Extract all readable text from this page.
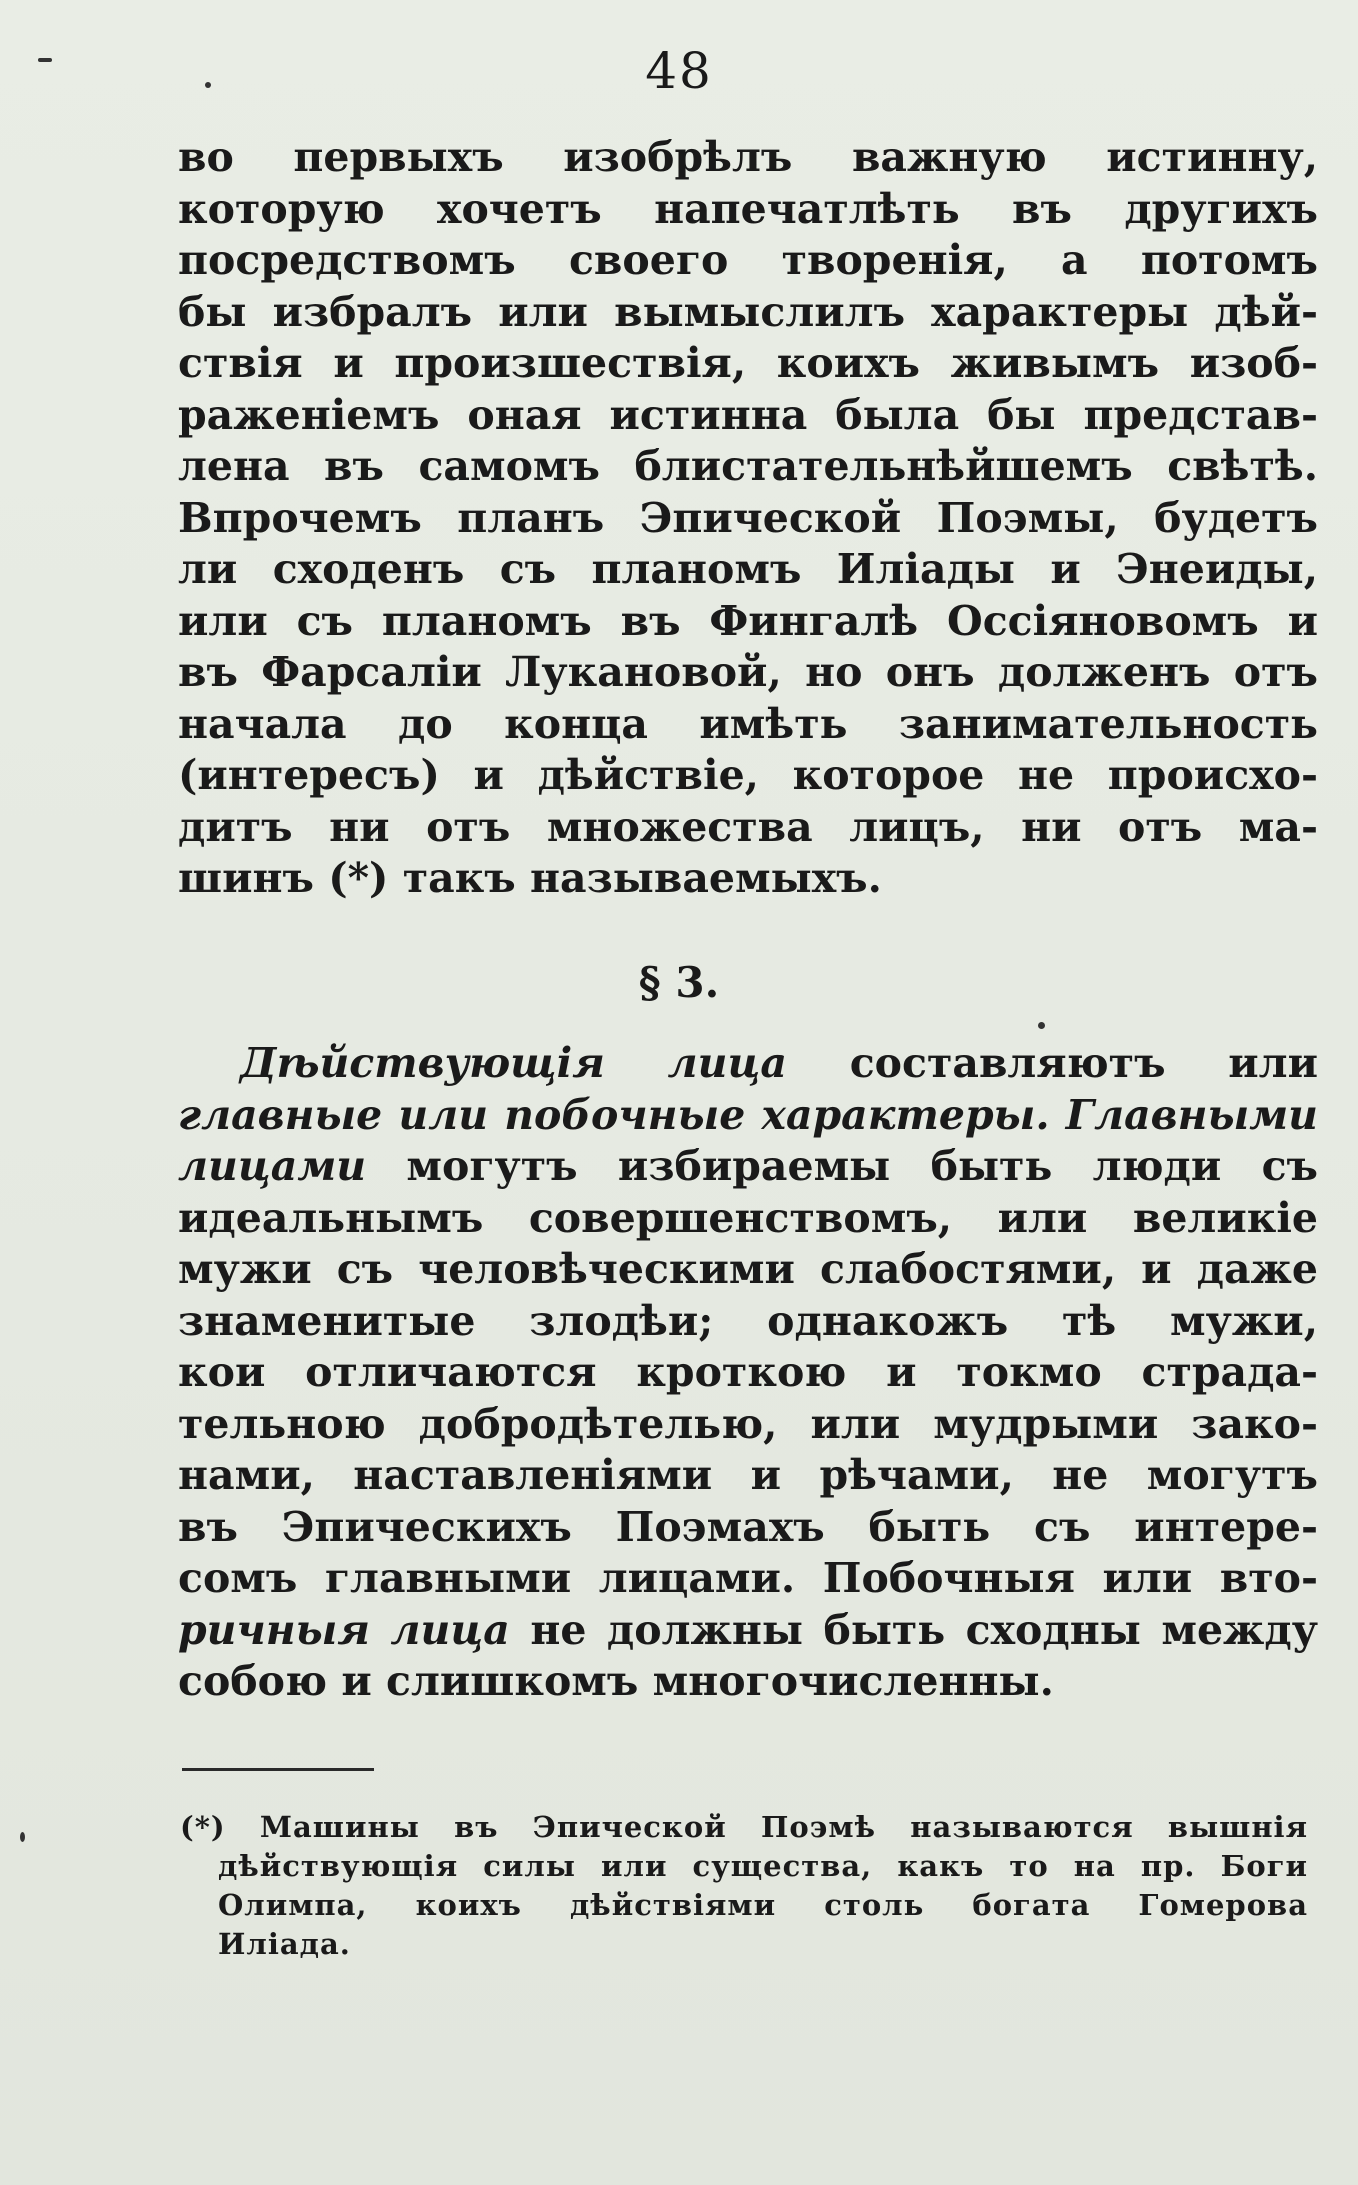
48
во первыхъ изобрѣлъ важную истинну,
которую хочетъ напечатлѣть въ другихъ
посредствомъ своего творенія, а потомъ
бы избралъ или вымыслилъ характеры дѣй-
ствія и произшествія, коихъ живымъ изоб-
раженіемъ оная истинна была бы представ-
лена въ самомъ блистательнѣйшемъ свѣтѣ.
Впрочемъ планъ Эпической Поэмы, будетъ
ли сходенъ съ планомъ Иліады и Энеиды,
или съ планомъ въ Фингалѣ Оссіяновомъ и
въ Фарсаліи Лукановой, но онъ долженъ отъ
начала до конца имѣть занимательность
(интересъ) и дѣйствіе, которое не происхо-
дитъ ни отъ множества лицъ, ни отъ ма-
шинъ (*) такъ называемыхъ.
§ 3.
Дѣйствующія лица составляютъ или
главные или побочные характеры. Главными
лицами могутъ избираемы быть люди съ
идеальнымъ совершенствомъ, или великіе
мужи съ человѣческими слабостями, и даже
знаменитые злодѣи; однакожъ тѣ мужи,
кои отличаются кроткою и токмо страда-
тельною добродѣтелью, или мудрыми зако-
нами, наставленіями и рѣчами, не могутъ
въ Эпическихъ Поэмахъ быть съ интере-
сомъ главными лицами. Побочныя или вто-
ричныя лица не должны быть сходны между
собою и слишкомъ многочисленны.
(*) Машины въ Эпической Поэмѣ называются вышнія
дѣйствующія силы или существа, какъ то на пр. Боги
Олимпа, коихъ дѣйствіями столь богата Гомерова
Иліада.
